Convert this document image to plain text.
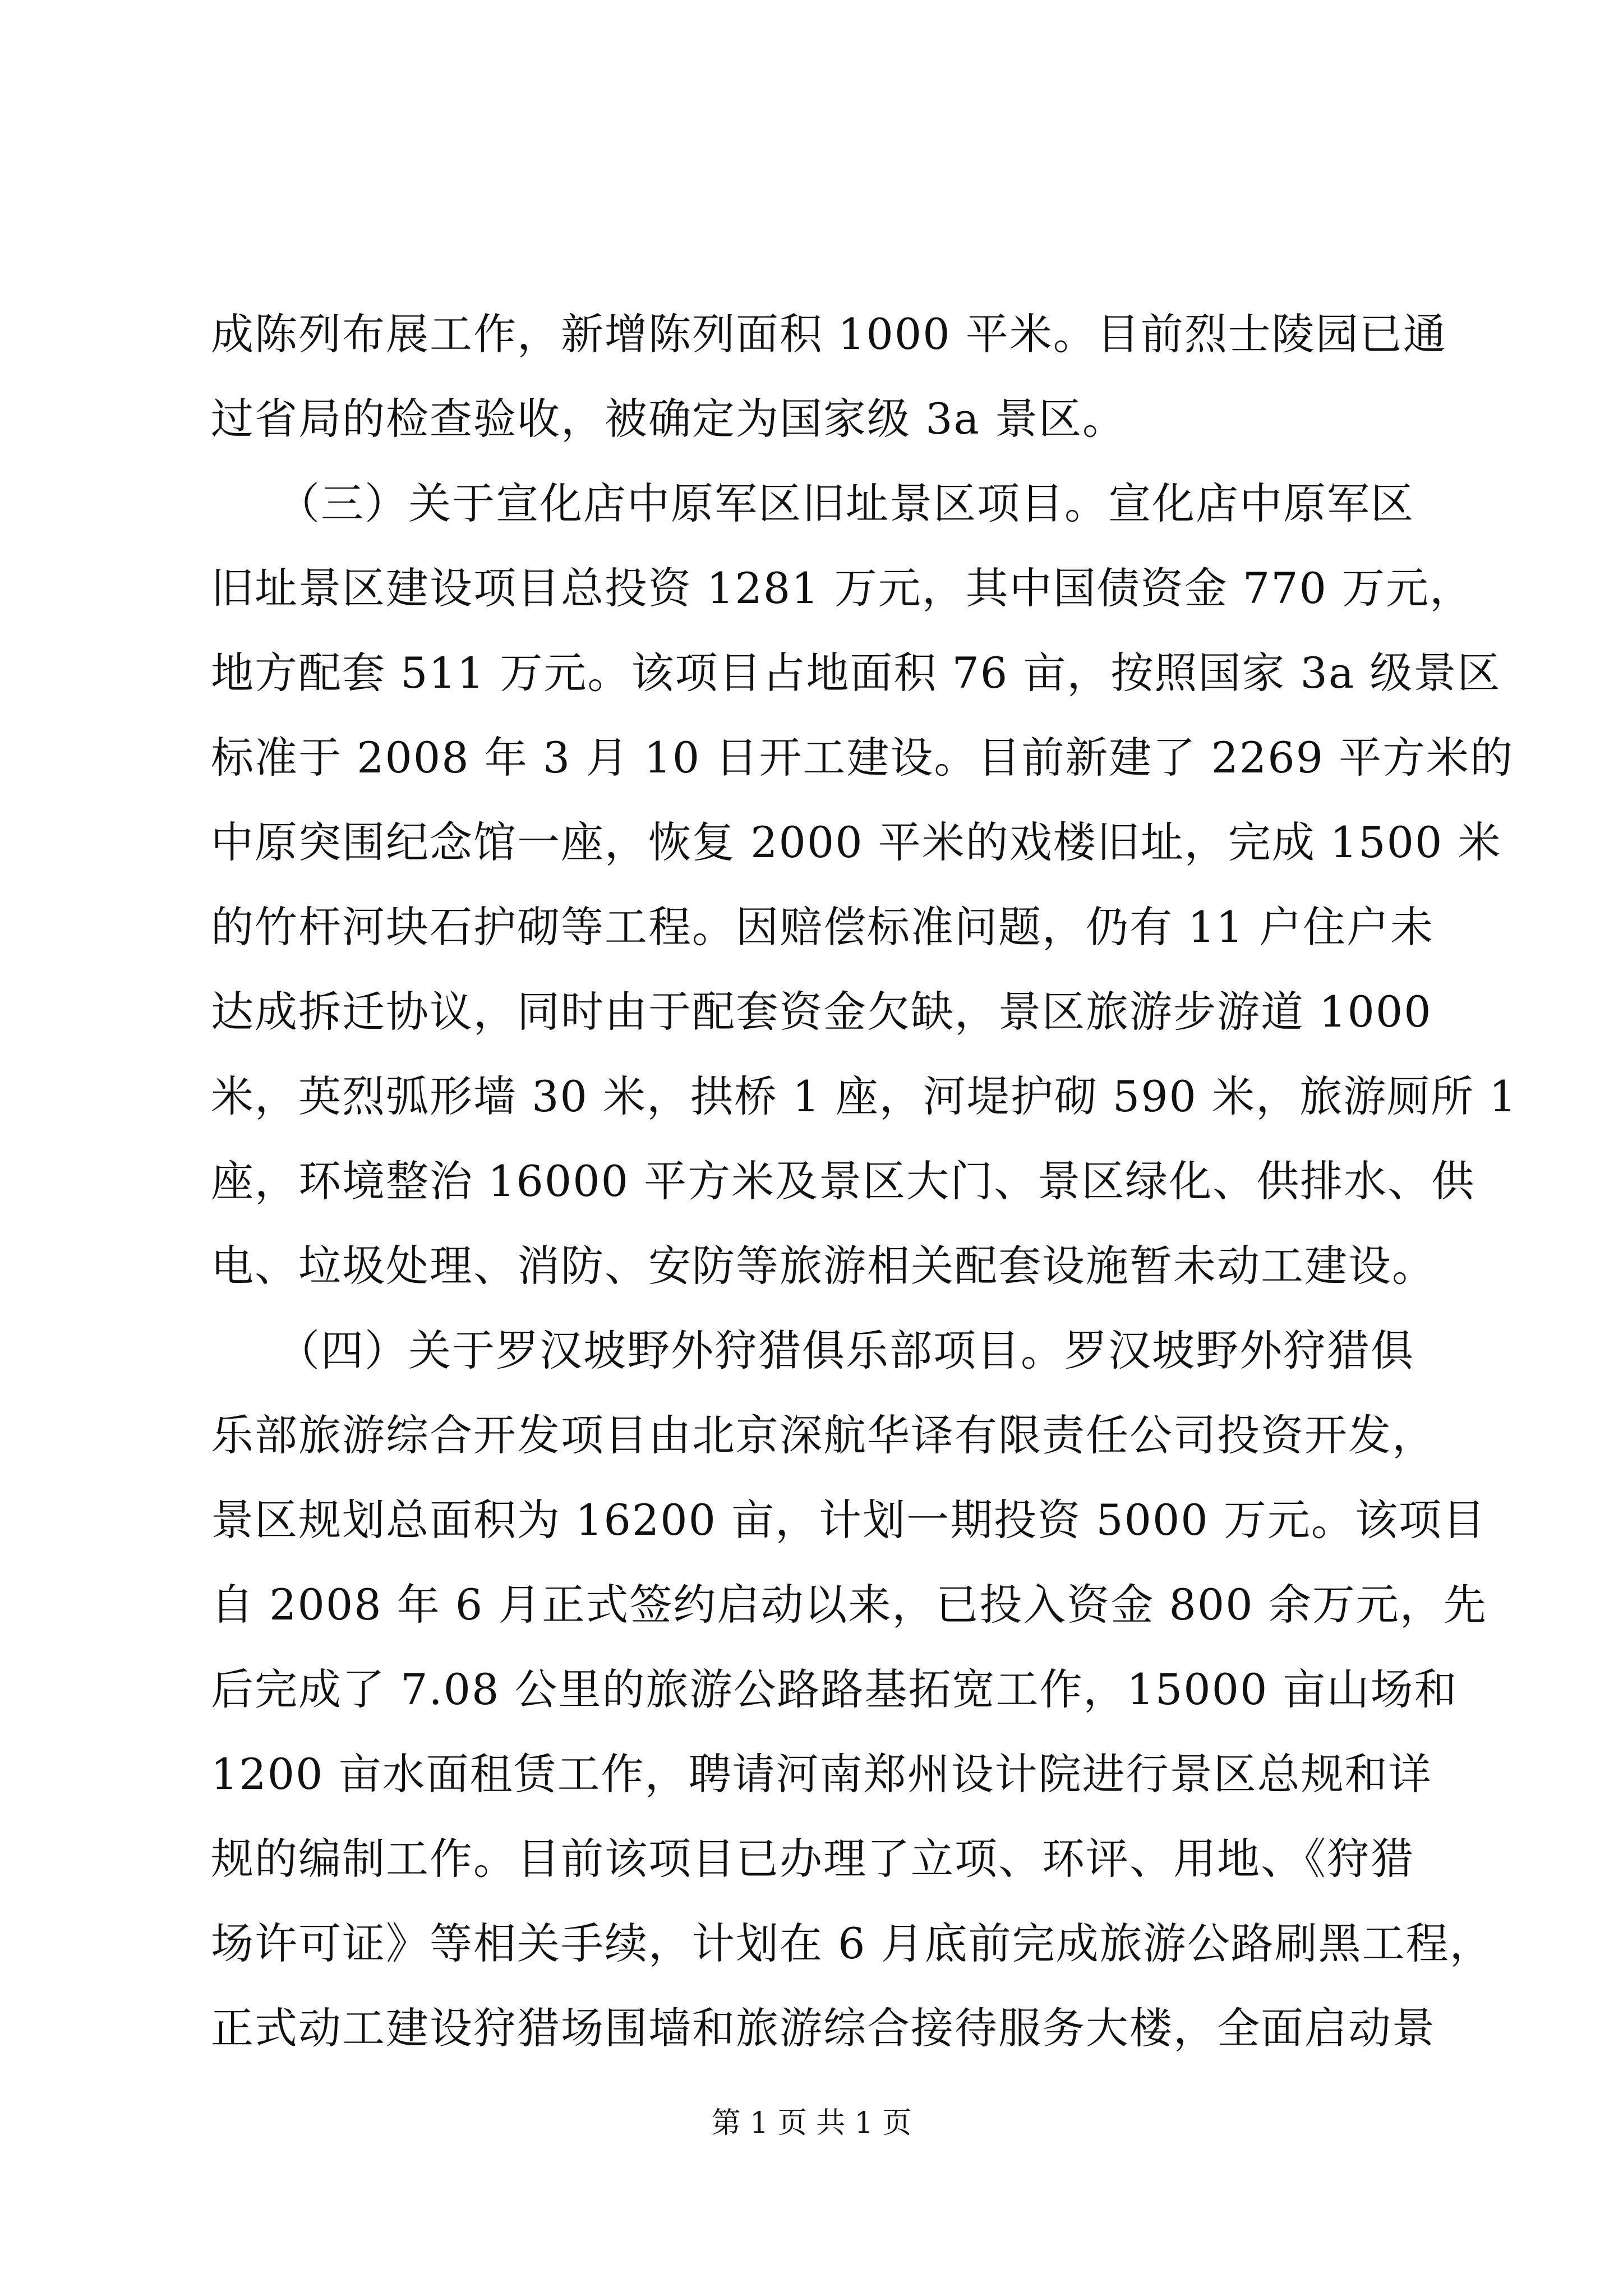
成陈列布展工作，新增陈列面积 1000 平米。目前烈士陵园已通
过省局的检查验收，被确定为国家级 3a 景区。
　　（三）关于宣化店中原军区旧址景区项目。宣化店中原军区
旧址景区建设项目总投资 1281 万元，其中国债资金 770 万元，
地方配套 511 万元。该项目占地面积 76 亩，按照国家 3a 级景区
标准于 2008 年 3 月 10 日开工建设。目前新建了 2269 平方米的
中原突围纪念馆一座，恢复 2000 平米的戏楼旧址，完成 1500 米
的竹杆河块石护砌等工程。因赔偿标准问题，仍有 11 户住户未
达成拆迁协议，同时由于配套资金欠缺，景区旅游步游道 1000
米，英烈弧形墙 30 米，拱桥 1 座，河堤护砌 590 米，旅游厕所 1
座，环境整治 16000 平方米及景区大门、景区绿化、供排水、供
电、垃圾处理、消防、安防等旅游相关配套设施暂未动工建设。
　　（四）关于罗汉坡野外狩猎俱乐部项目。罗汉坡野外狩猎俱
乐部旅游综合开发项目由北京深航华译有限责任公司投资开发，
景区规划总面积为 16200 亩，计划一期投资 5000 万元。该项目
自 2008 年 6 月正式签约启动以来，已投入资金 800 余万元，先
后完成了 7.08 公里的旅游公路路基拓宽工作，15000 亩山场和
1200 亩水面租赁工作，聘请河南郑州设计院进行景区总规和详
规的编制工作。目前该项目已办理了立项、环评、用地、《狩猎
场许可证》等相关手续，计划在 6 月底前完成旅游公路刷黑工程，
正式动工建设狩猎场围墙和旅游综合接待服务大楼，全面启动景
第 1 页 共 1 页
